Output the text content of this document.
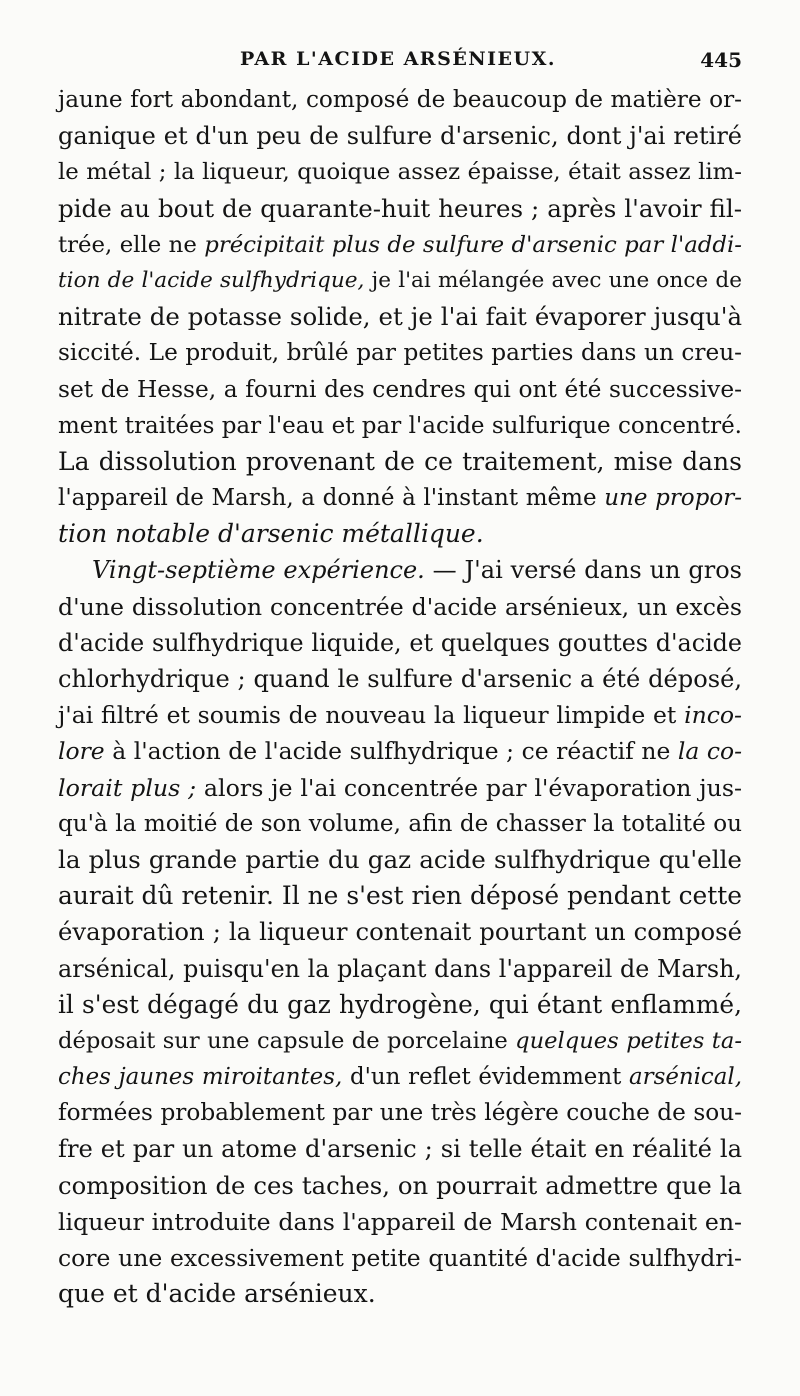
PAR L'ACIDE ARSÉNIEUX.	445
jaune fort abondant, composé de beaucoup de matière or-
ganique et d'un peu de sulfure d'arsenic, dont j'ai retiré
le métal ; la liqueur, quoique assez épaisse, était assez lim-
pide au bout de quarante-huit heures ; après l'avoir fil-
trée, elle ne précipitait plus de sulfure d'arsenic par l'addi-
tion de l'acide sulfhydrique, je l'ai mélangée avec une once de
nitrate de potasse solide, et je l'ai fait évaporer jusqu'à
siccité. Le produit, brûlé par petites parties dans un creu-
set de Hesse, a fourni des cendres qui ont été successive-
ment traitées par l'eau et par l'acide sulfurique concentré.
La dissolution provenant de ce traitement, mise dans
l'appareil de Marsh, a donné à l'instant même une propor-
tion notable d'arsenic métallique.
Vingt-septième expérience. — J'ai versé dans un gros
d'une dissolution concentrée d'acide arsénieux, un excès
d'acide sulfhydrique liquide, et quelques gouttes d'acide
chlorhydrique ; quand le sulfure d'arsenic a été déposé,
j'ai filtré et soumis de nouveau la liqueur limpide et inco-
lore à l'action de l'acide sulfhydrique ; ce réactif ne la co-
lorait plus ; alors je l'ai concentrée par l'évaporation jus-
qu'à la moitié de son volume, afin de chasser la totalité ou
la plus grande partie du gaz acide sulfhydrique qu'elle
aurait dû retenir. Il ne s'est rien déposé pendant cette
évaporation ; la liqueur contenait pourtant un composé
arsénical, puisqu'en la plaçant dans l'appareil de Marsh,
il s'est dégagé du gaz hydrogène, qui étant enflammé,
déposait sur une capsule de porcelaine quelques petites ta-
ches jaunes miroitantes, d'un reflet évidemment arsénical,
formées probablement par une très légère couche de sou-
fre et par un atome d'arsenic ; si telle était en réalité la
composition de ces taches, on pourrait admettre que la
liqueur introduite dans l'appareil de Marsh contenait en-
core une excessivement petite quantité d'acide sulfhydri-
que et d'acide arsénieux.
